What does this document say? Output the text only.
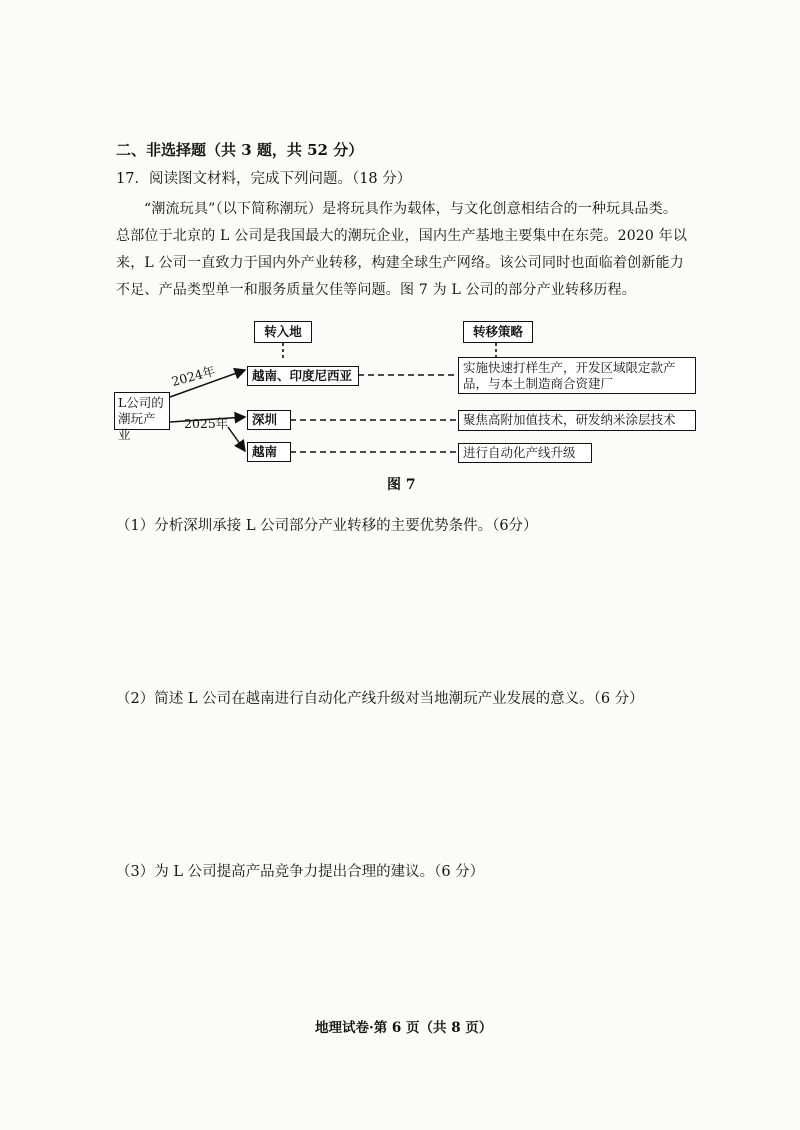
二、非选择题（共 3 题，共 52 分）
17．阅读图文材料，完成下列问题。（18 分）

“潮流玩具”（以下简称潮玩）是将玩具作为载体，与文化创意相结合的一种玩具品类。

总部位于北京的 L 公司是我国最大的潮玩企业，国内生产基地主要集中在东莞。2020 年以
来，L 公司一直致力于国内外产业转移，构建全球生产网络。该公司同时也面临着创新能力
不足、产品类型单一和服务质量欠佳等问题。图 7 为 L 公司的部分产业转移历程。
转入地	转移策略
L公司的潮玩产业
2024年
2025年
越南、印度尼西亚
深圳
越南
实施快速打样生产，开发区域限定款产品，与本土制造商合资建厂
聚焦高附加值技术，研发纳米涂层技术
进行自动化产线升级
图 7
（1）分析深圳承接 L 公司部分产业转移的主要优势条件。（6分）
（2）简述 L 公司在越南进行自动化产线升级对当地潮玩产业发展的意义。（6 分）
（3）为 L 公司提高产品竞争力提出合理的建议。（6 分）
地理试卷·第 6 页（共 8 页）
